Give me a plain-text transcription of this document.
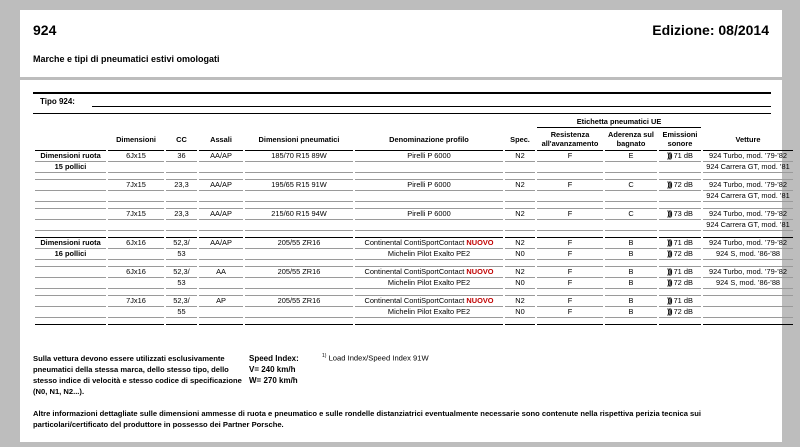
924	Edizione: 08/2014
Marche e tipi di pneumatici estivi omologati
Tipo 924:
							Etichetta pneumatici UE			
	Dimensioni	CC	Assali	Dimensioni pneumatici	Denominazione profilo	Spec.	Resistenza all'avanzamento	Aderenza sul bagnato	Emissioni sonore	Vetture
Dimensioni ruota	6Jx15	36	AA/AP	185/70 R15 89W	Pirelli P 6000	N2	F	E	))) 71 dB	924 Turbo, mod. ’79-’82
15 pollici										924 Carrera GT, mod. ’81

	7Jx15	23,3	AA/AP	195/65 R15 91W	Pirelli P 6000	N2	F	C	))) 72 dB	924 Turbo, mod. ’79-’82
										924 Carrera GT, mod. ’81

	7Jx15	23,3	AA/AP	215/60 R15 94W	Pirelli P 6000	N2	F	C	))) 73 dB	924 Turbo, mod. ’79-’82
										924 Carrera GT, mod. ’81

Dimensioni ruota	6Jx16	52,3/	AA/AP	205/55 ZR16	Continental ContiSportContact NUOVO	N2	F	B	))) 71 dB	924 Turbo, mod. ’79-’82
16 pollici		53			Michelin Pilot Exalto PE2	N0	F	B	))) 72 dB	924 S, mod. ’86-’88

	6Jx16	52,3/	AA	205/55 ZR16	Continental ContiSportContact NUOVO	N2	F	B	))) 71 dB	924 Turbo, mod. ’79-’82
		53			Michelin Pilot Exalto PE2	N0	F	B	))) 72 dB	924 S, mod. ’86-’88

	7Jx16	52,3/	AP	205/55 ZR16	Continental ContiSportContact NUOVO	N2	F	B	))) 71 dB	
		55			Michelin Pilot Exalto PE2	N0	F	B	))) 72 dB	

Sulla vettura devono essere utilizzati esclusivamente pneumatici della stessa marca, dello stesso tipo, dello stesso indice di velocità e stesso codice di specificazione (N0, N1, N2...).
Speed Index:
V= 240 km/h
W= 270 km/h
$^{1)}$ Load Index/Speed Index 91W
Altre informazioni dettagliate sulle dimensioni ammesse di ruota e pneumatico e sulle rondelle distanziatrici eventualmente necessarie sono contenute nella rispettiva perizia tecnica sui particolari/certificato del produttore in possesso dei Partner Porsche.
